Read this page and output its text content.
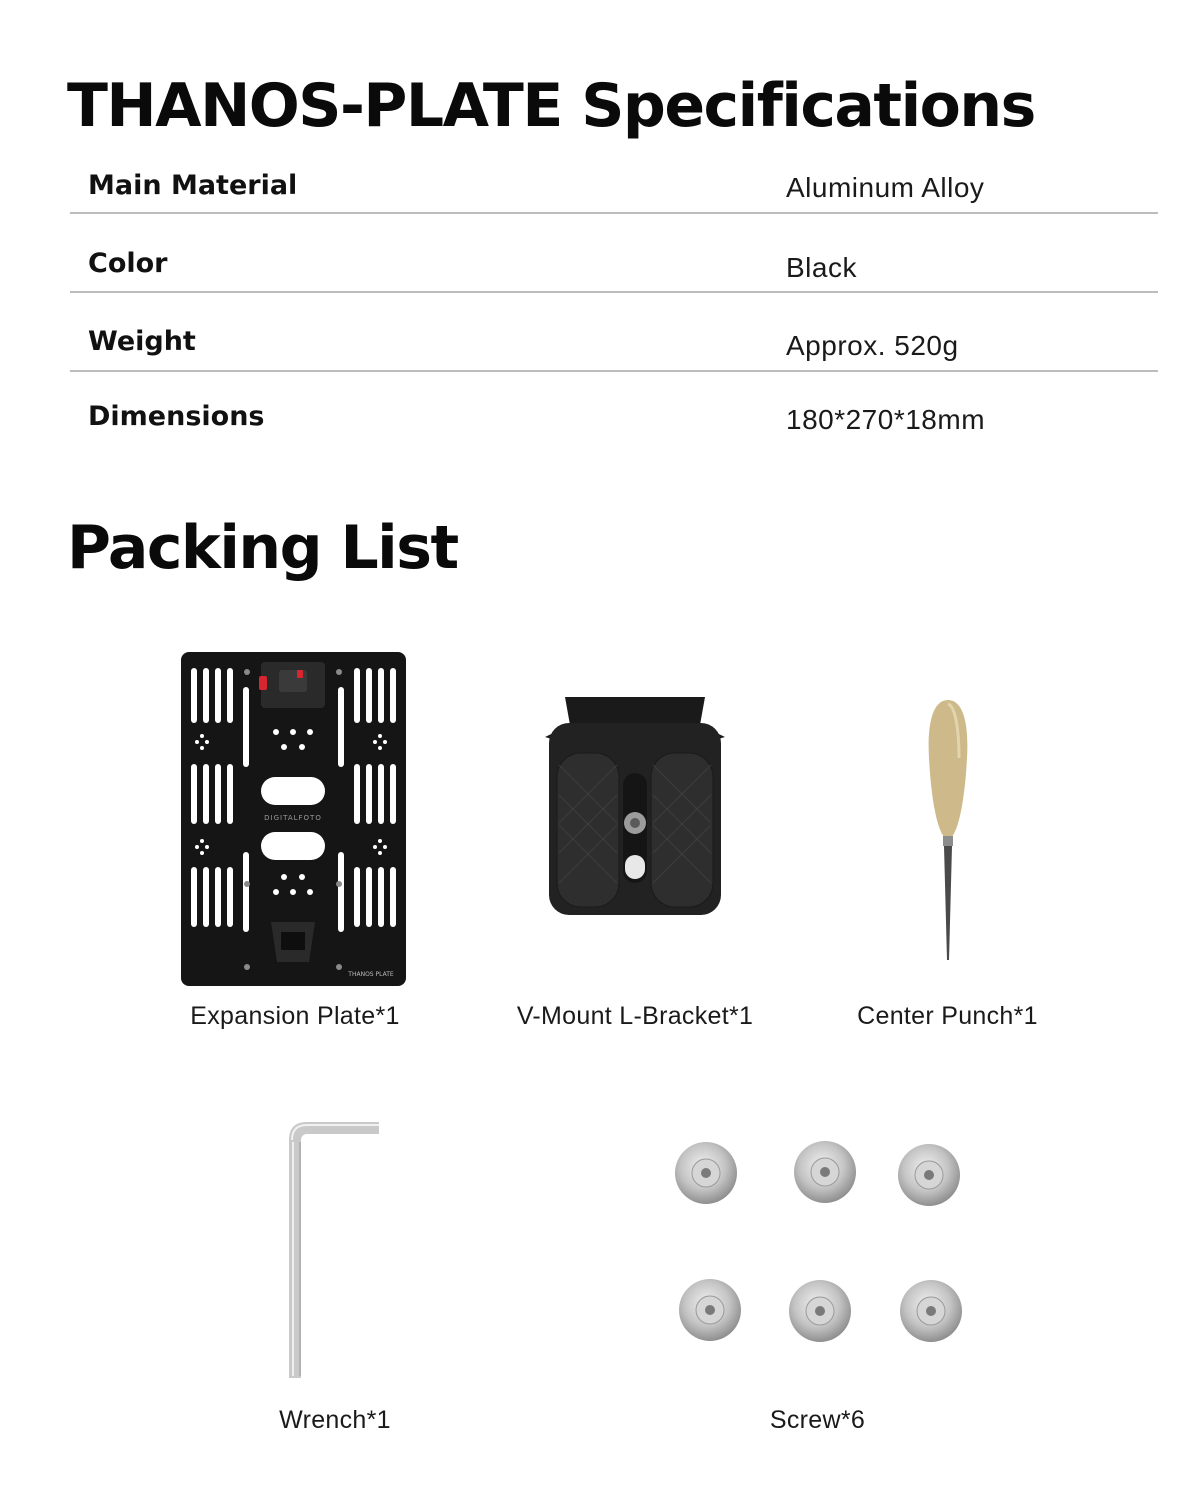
THANOS-PLATE Specifications
Main Material	Aluminum Alloy
Color	Black
Weight	Approx. 520g
Dimensions	180*270*18mm
Packing List
DIGITALFOTO
THANOS PLATE
Expansion Plate*1	V-Mount L-Bracket*1	Center Punch*1
Wrench*1	Screw*6
